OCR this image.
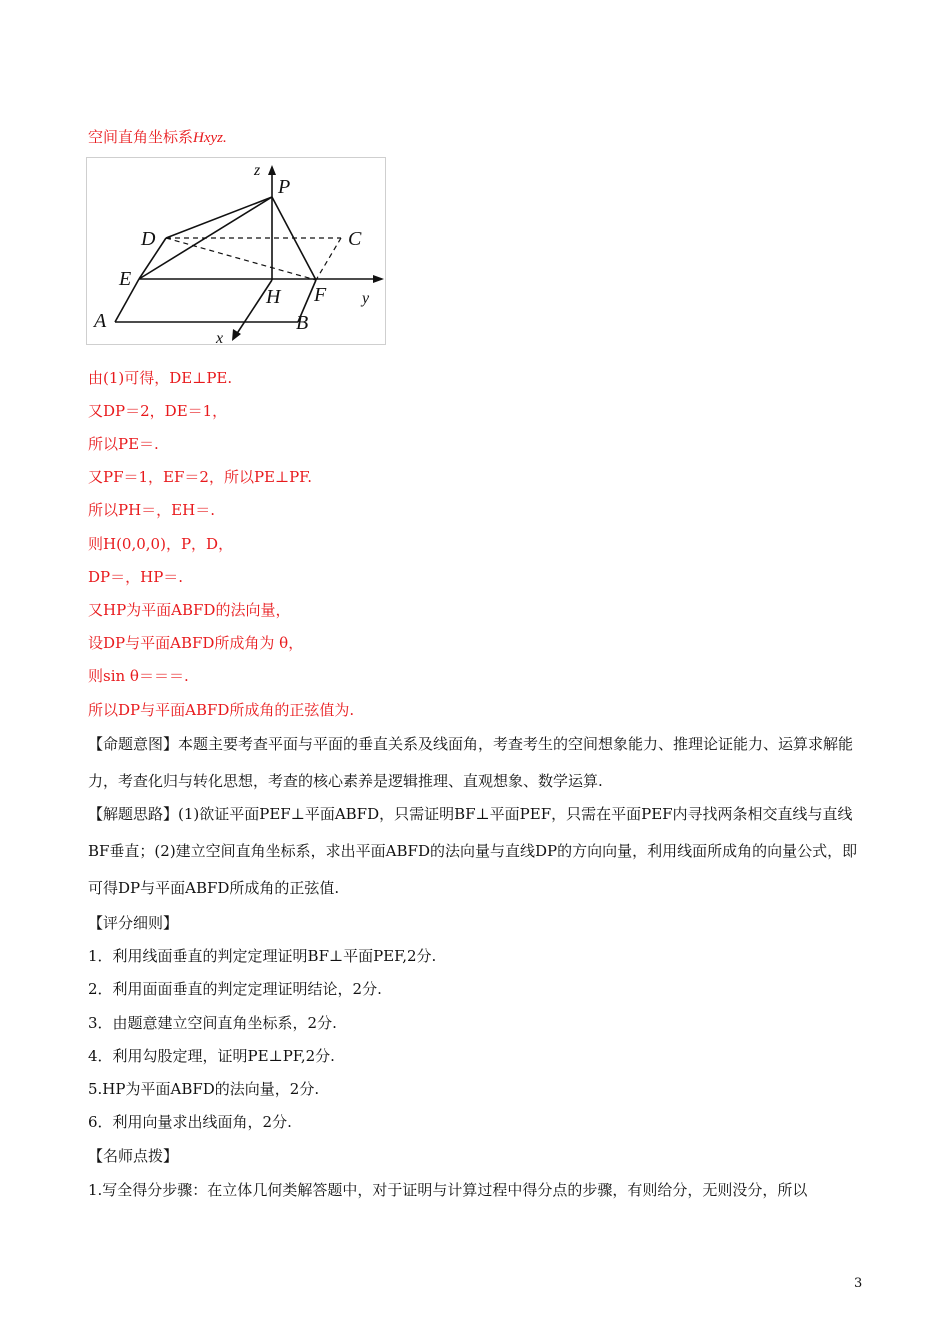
空间直角坐标系Hxyz.
z
P
D	C
E
H F y
A	B
x
由(1)可得，DE⊥PE.
又DP＝2，DE＝1，
所以PE＝.
又PF＝1，EF＝2，所以PE⊥PF.
所以PH＝，EH＝.
则H(0,0,0)，P，D，
DP＝，HP＝.
又HP为平面ABFD的法向量，
设DP与平面ABFD所成角为 θ，
则sin θ＝＝＝.
所以DP与平面ABFD所成角的正弦值为.
【命题意图】本题主要考查平面与平面的垂直关系及线面角，考查考生的空间想象能力、推理论证能力、运算求解能力，考查化归与转化思想，考查的核心素养是逻辑推理、直观想象、数学运算.
【解题思路】(1)欲证平面PEF⊥平面ABFD，只需证明BF⊥平面PEF，只需在平面PEF内寻找两条相交直线与直线BF垂直；(2)建立空间直角坐标系，求出平面ABFD的法向量与直线DP的方向向量，利用线面所成角的向量公式，即可得DP与平面ABFD所成角的正弦值.
【评分细则】
1．利用线面垂直的判定定理证明BF⊥平面PEF,2分.
2．利用面面垂直的判定定理证明结论，2分.
3．由题意建立空间直角坐标系，2分.
4．利用勾股定理，证明PE⊥PF,2分.
5.HP为平面ABFD的法向量，2分.
6．利用向量求出线面角，2分.
【名师点拨】
1.写全得分步骤：在立体几何类解答题中，对于证明与计算过程中得分点的步骤，有则给分，无则没分，所以
3
